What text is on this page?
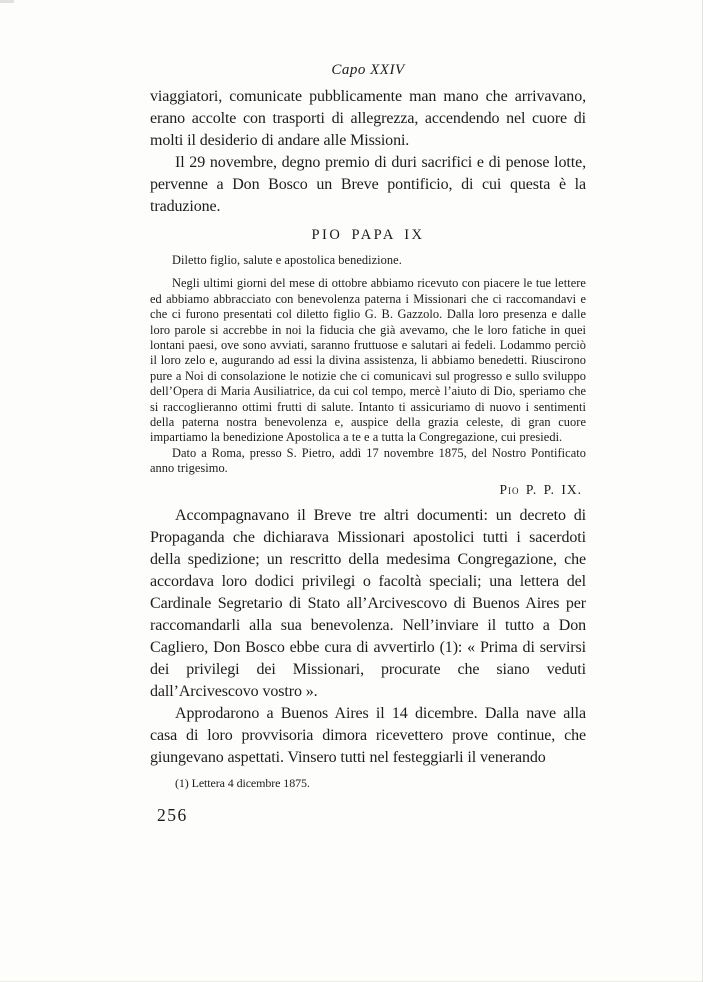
Capo XXIV

viaggiatori, comunicate pubblicamente man mano che arrivavano, erano accolte con trasporti di allegrezza, accendendo nel cuore di molti il desiderio di andare alle Missioni.

Il 29 novembre, degno premio di duri sacrifici e di penose lotte, pervenne a Don Bosco un Breve pontificio, di cui questa è la traduzione.

PIO PAPA IX

Diletto figlio, salute e apostolica benedizione.

Negli ultimi giorni del mese di ottobre abbiamo ricevuto con piacere le tue lettere ed abbiamo abbracciato con benevolenza paterna i Missionari che ci raccomandavi e che ci furono presentati col diletto figlio G. B. Gazzolo. Dalla loro presenza e dalle loro parole si accrebbe in noi la fiducia che già avevamo, che le loro fatiche in quei lontani paesi, ove sono avviati, saranno fruttuose e salutari ai fedeli. Lodammo perciò il loro zelo e, augurando ad essi la divina assistenza, li abbiamo benedetti. Riuscirono pure a Noi di consolazione le notizie che ci comunicavi sul progresso e sullo sviluppo dell’Opera di Maria Ausiliatrice, da cui col tempo, mercè l’aiuto di Dio, speriamo che si raccoglieranno ottimi frutti di salute. Intanto ti assicuriamo di nuovo i sentimenti della paterna nostra benevolenza e, auspice della grazia celeste, di gran cuore impartiamo la benedizione Apostolica a te e a tutta la Congregazione, cui presiedi.

Dato a Roma, presso S. Pietro, addì 17 novembre 1875, del Nostro Pontificato anno trigesimo.

Pio P. P. IX.

Accompagnavano il Breve tre altri documenti: un decreto di Propaganda che dichiarava Missionari apostolici tutti i sacerdoti della spedizione; un rescritto della medesima Congregazione, che accordava loro dodici privilegi o facoltà speciali; una lettera del Cardinale Segretario di Stato all’Arcivescovo di Buenos Aires per raccomandarli alla sua benevolenza. Nell’inviare il tutto a Don Cagliero, Don Bosco ebbe cura di avvertirlo (1): « Prima di servirsi dei privilegi dei Missionari, procurate che siano veduti dall’Arcivescovo vostro ».

Approdarono a Buenos Aires il 14 dicembre. Dalla nave alla casa di loro provvisoria dimora ricevettero prove continue, che giungevano aspettati. Vinsero tutti nel festeggiarli il venerando

(1) Lettera 4 dicembre 1875.

256
